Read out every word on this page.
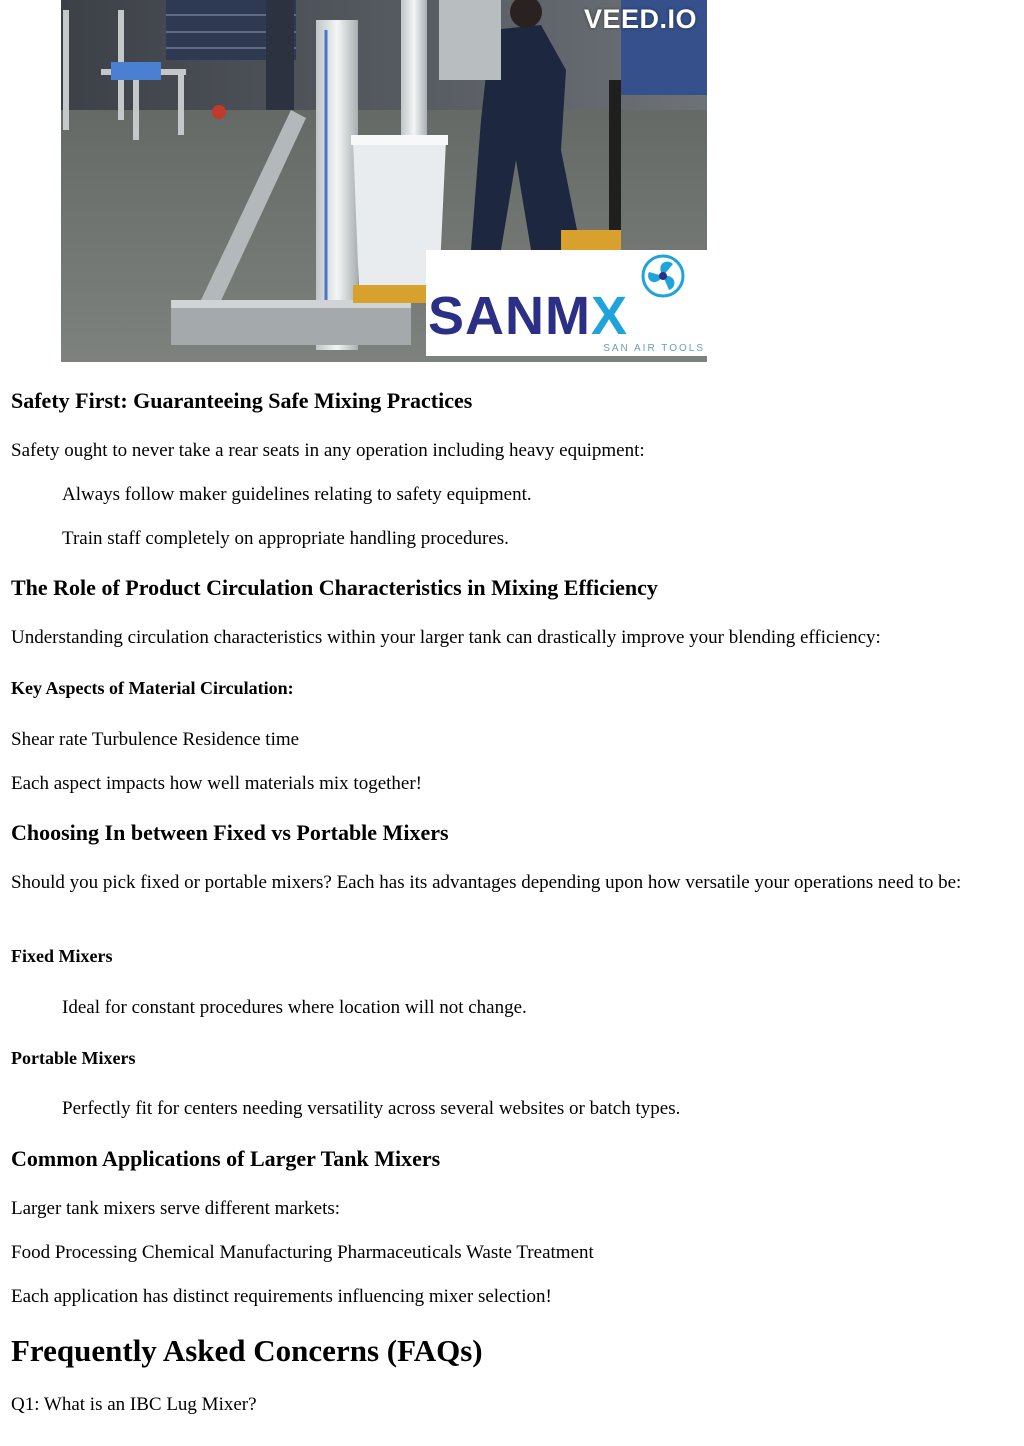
VEED.IO
SANMX
SAN AIR TOOLS
Safety First: Guaranteeing Safe Mixing Practices

Safety ought to never take a rear seats in any operation including heavy equipment:

Always follow maker guidelines relating to safety equipment.

Train staff completely on appropriate handling procedures.

The Role of Product Circulation Characteristics in Mixing Efficiency

Understanding circulation characteristics within your larger tank can drastically improve your blending efficiency:

Key Aspects of Material Circulation:

Shear rate Turbulence Residence time

Each aspect impacts how well materials mix together!

Choosing In between Fixed vs Portable Mixers

Should you pick fixed or portable mixers? Each has its advantages depending upon how versatile your operations need to be:

Fixed Mixers

Ideal for constant procedures where location will not change.

Portable Mixers

Perfectly fit for centers needing versatility across several websites or batch types.

Common Applications of Larger Tank Mixers

Larger tank mixers serve different markets:

Food Processing Chemical Manufacturing Pharmaceuticals Waste Treatment

Each application has distinct requirements influencing mixer selection!

Frequently Asked Concerns (FAQs)

Q1: What is an IBC Lug Mixer?
